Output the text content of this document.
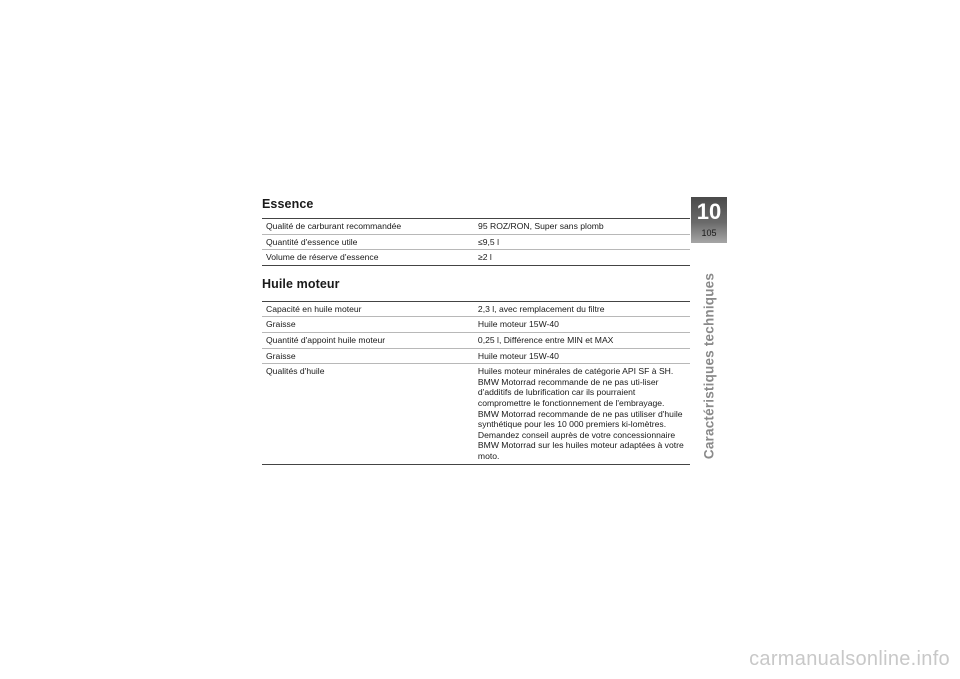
Essence
Qualité de carburant recommandée	95 ROZ/RON, Super sans plomb
Quantité d'essence utile	≤9,5 l
Volume de réserve d'essence	≥2 l
Huile moteur
Capacité en huile moteur	2,3 l, avec remplacement du filtre
Graisse	Huile moteur 15W-40
Quantité d'appoint huile moteur	0,25 l, Différence entre MIN et MAX
Graisse	Huile moteur 15W-40
Qualités d'huile	Huiles moteur minérales de catégorie API SF à SH. BMW Motorrad recommande de ne pas uti-liser d'additifs de lubrification car ils pourraient compromettre le fonctionnement de l'embrayage. BMW Motorrad recommande de ne pas utiliser d'huile synthétique pour les 10 000 premiers ki-lomètres. Demandez conseil auprès de votre concessionnaire BMW Motorrad sur les huiles moteur adaptées à votre moto.
10
105
Caractéristiques techniques
carmanualsonline.info
